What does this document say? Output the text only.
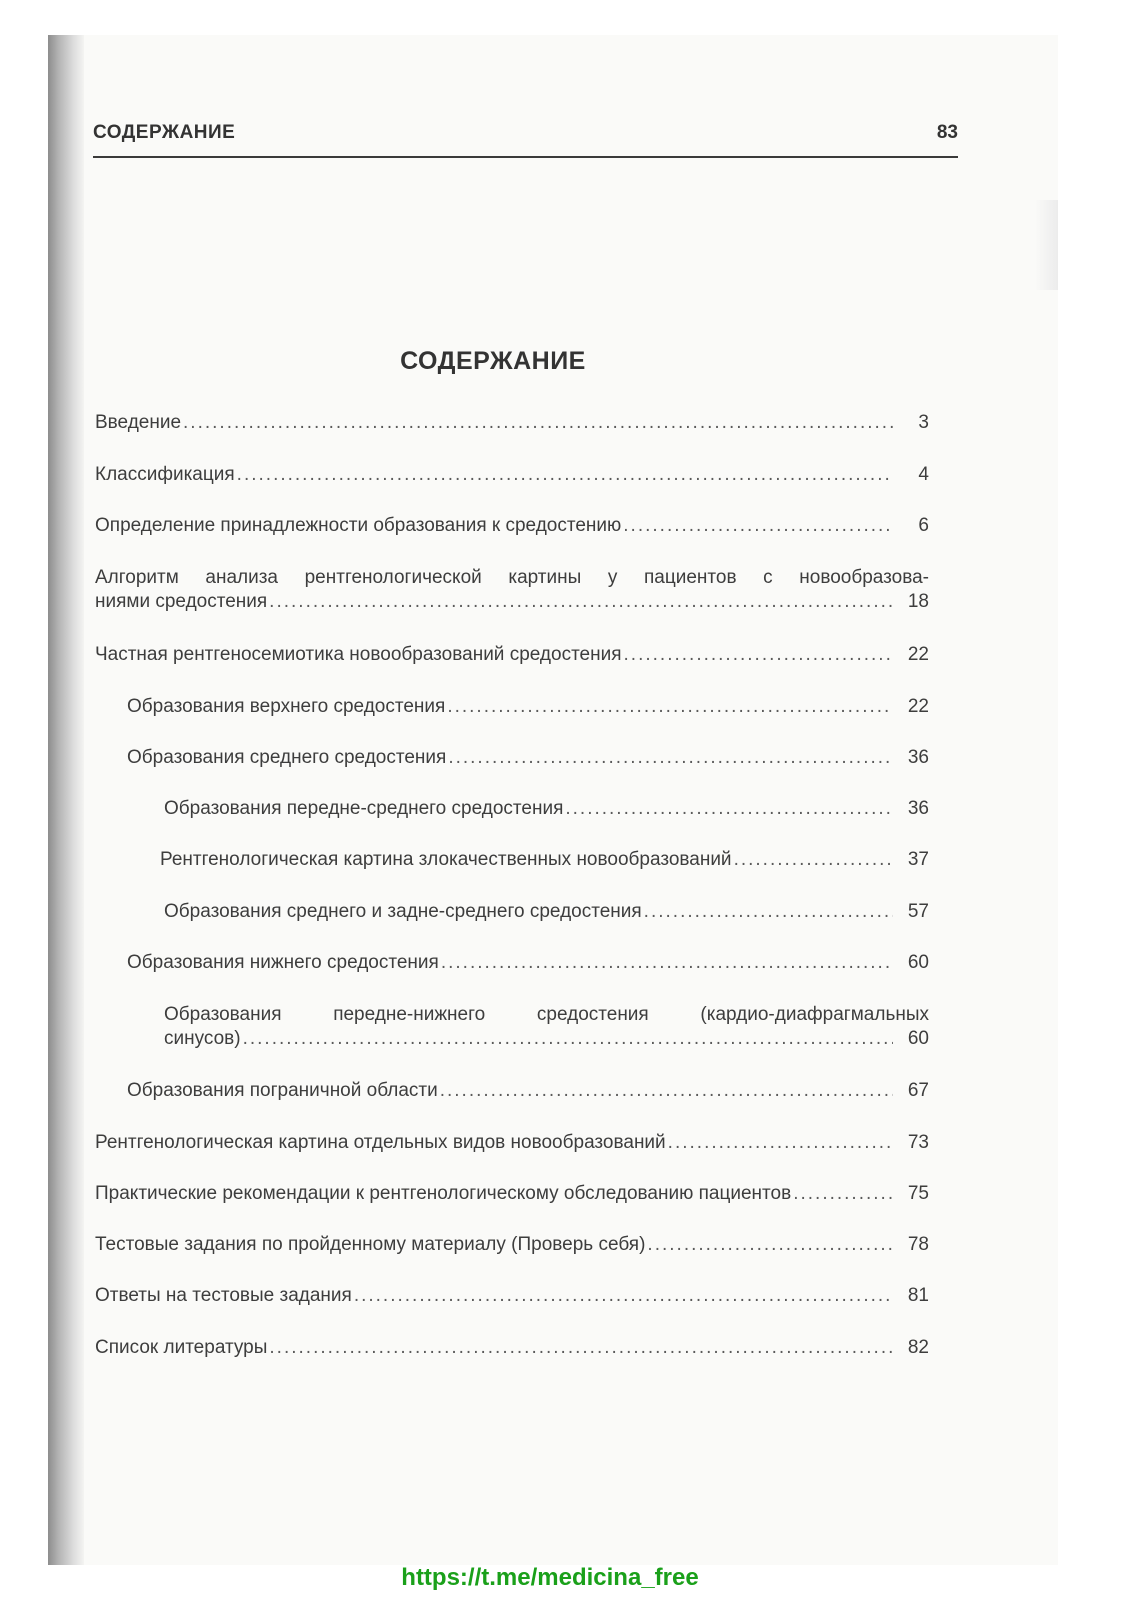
СОДЕРЖАНИЕ	83
СОДЕРЖАНИЕ
Введение .....	3
Классификация .....	4
Определение принадлежности образования к средостению .....	6
Алгоритм анализа рентгенологической картины у пациентов с новообразова-
ниями средостения .....	18
Частная рентгеносемиотика новообразований средостения .....	22
Образования верхнего средостения .....	22
Образования среднего средостения .....	36
Образования передне-среднего средостения .....	36
Рентгенологическая картина злокачественных новообразований .....	37
Образования среднего и задне-среднего средостения .....	57
Образования нижнего средостения .....	60
Образования передне-нижнего средостения (кардио-диафрагмальных
синусов) .....	60
Образования пограничной области .....	67
Рентгенологическая картина отдельных видов новообразований .....	73
Практические рекомендации к рентгенологическому обследованию пациентов .....	75
Тестовые задания по пройденному материалу (Проверь себя) .....	78
Ответы на тестовые задания .....	81
Список литературы .....	82
https://t.me/medicina_free
